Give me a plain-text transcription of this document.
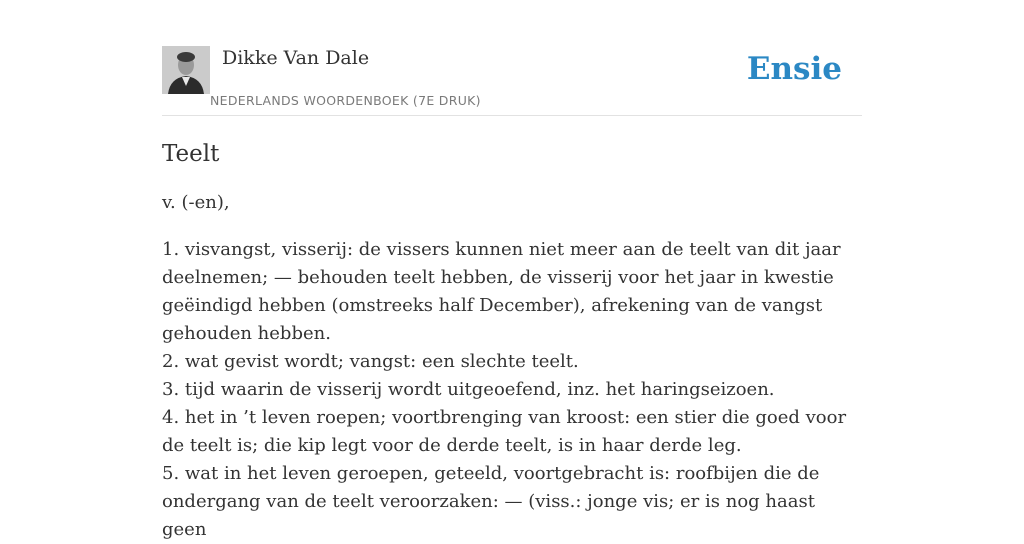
Dikke Van Dale
NEDERLANDS WOORDENBOEK (7E DRUK)
Ensie
Teelt

v. (-en),

1. visvangst, visserij: de vissers kunnen niet meer aan de teelt van dit jaar deelnemen; — behouden teelt hebben, de visserij voor het jaar in kwestie geëindigd hebben (omstreeks half December), afrekening van de vangst gehouden hebben.

2. wat gevist wordt; vangst: een slechte teelt.

3. tijd waarin de visserij wordt uitgeoefend, inz. het haringseizoen.

4. het in ’t leven roepen; voortbrenging van kroost: een stier die goed voor de teelt is; die kip legt voor de derde teelt, is in haar derde leg.

5. wat in het leven geroepen, geteeld, voortgebracht is: roofbijen die de ondergang van de teelt veroorzaken: — (viss.: jonge vis; er is nog haast geen
